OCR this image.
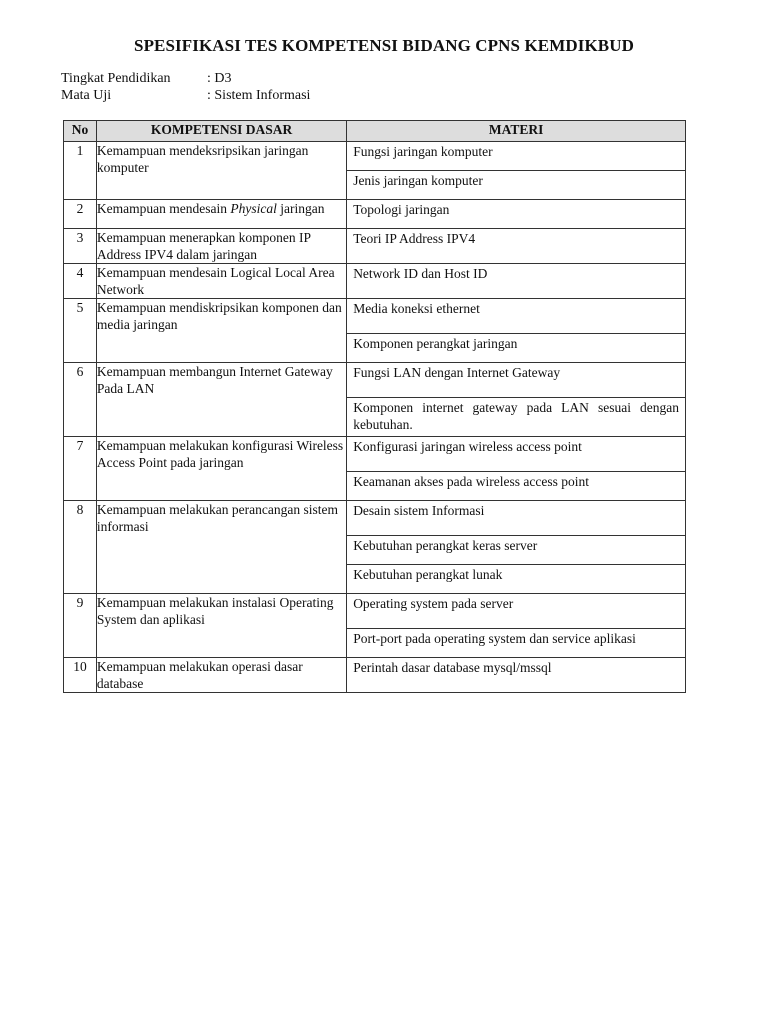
SPESIFIKASI TES KOMPETENSI BIDANG CPNS KEMDIKBUD
Tingkat Pendidikan	: D3
Mata Uji	: Sistem Informasi
No	KOMPETENSI DASAR	MATERI
1	Kemampuan mendeksripsikan jaringan komputer	Fungsi jaringan komputer
Jenis jaringan komputer

2	Kemampuan mendesain Physical jaringan	Topologi jaringan

3	Kemampuan menerapkan komponen IP Address IPV4 dalam jaringan	Teori IP Address IPV4

4	Kemampuan mendesain Logical Local Area Network	Network ID dan Host ID

5	Kemampuan mendiskripsikan komponen dan media jaringan	Media koneksi ethernet
Komponen perangkat jaringan

6	Kemampuan membangun Internet Gateway Pada LAN	Fungsi LAN dengan Internet Gateway
Komponen internet gateway pada LAN sesuai dengan kebutuhan.

7	Kemampuan melakukan konfigurasi Wireless Access Point pada jaringan	Konfigurasi jaringan wireless access point
Keamanan akses pada wireless access point

8	Kemampuan melakukan perancangan sistem informasi	Desain sistem Informasi
Kebutuhan perangkat keras server
Kebutuhan perangkat lunak

9	Kemampuan melakukan instalasi Operating System dan aplikasi	Operating system pada server
Port-port pada operating system dan service aplikasi

10	Kemampuan melakukan operasi dasar database	Perintah dasar database mysql/mssql
